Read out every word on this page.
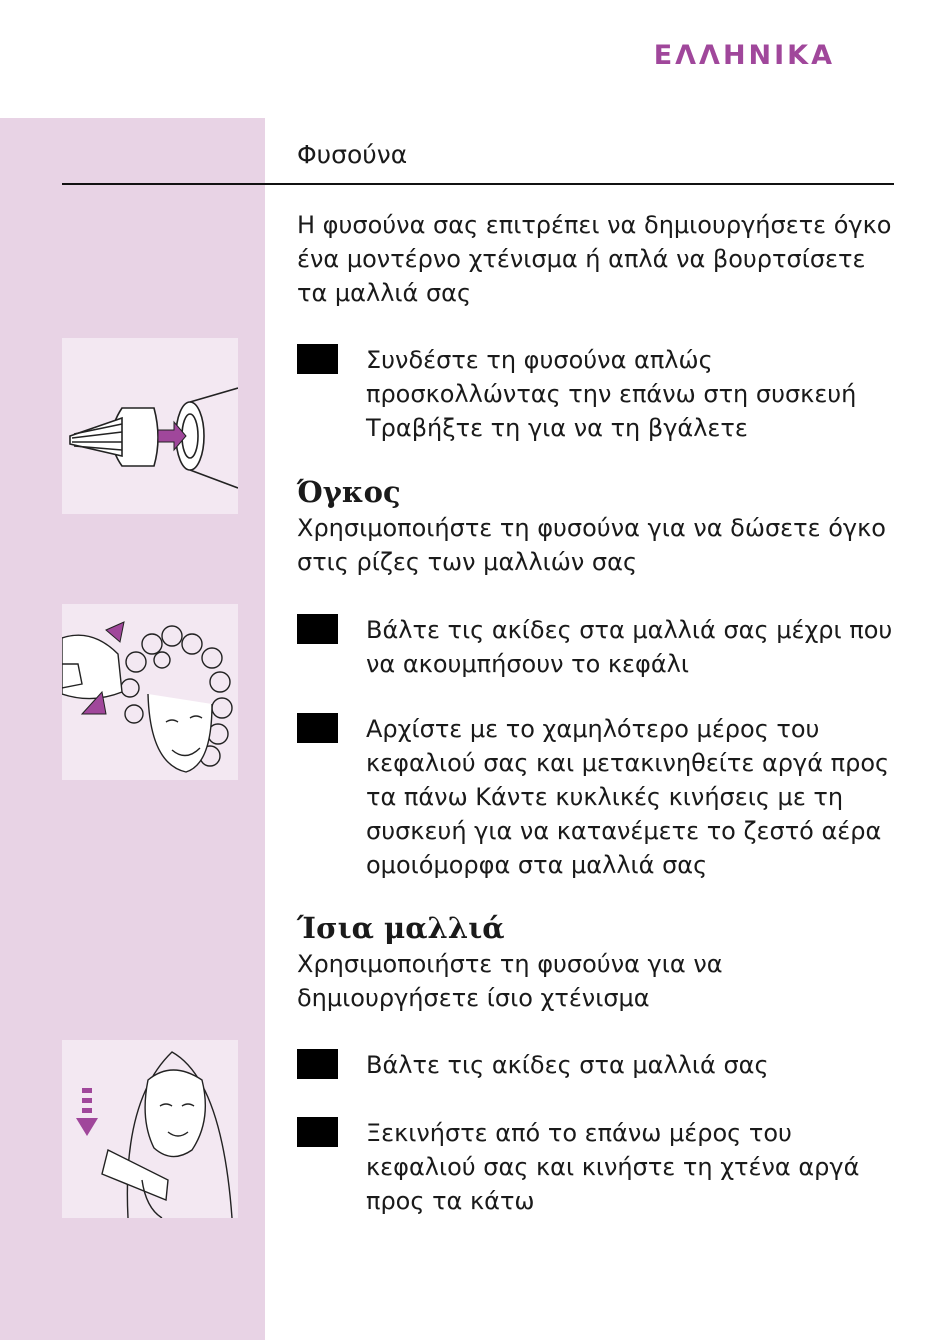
ΕΛΛΗΝΙΚΑ
Φυσούνα

Η φυσούνα σας επιτρέπει να δημιουργήσετε όγκο ένα μοντέρνο χτένισμα ή απλά να βουρτσίσετε τα μαλλιά σας

Συνδέστε τη φυσούνα απλώς προσκολλώντας την επάνω στη συσκευή Τραβήξτε τη για να τη βγάλετε

Όγκος

Χρησιμοποιήστε τη φυσούνα για να δώσετε όγκο στις ρίζες των μαλλιών σας

Βάλτε τις ακίδες στα μαλλιά σας μέχρι που να ακουμπήσουν το κεφάλι

Αρχίστε με το χαμηλότερο μέρος του κεφαλιού σας και μετακινηθείτε αργά προς τα πάνω Κάντε κυκλικές κινήσεις με τη συσκευή για να κατανέμετε το ζεστό αέρα ομοιόμορφα στα μαλλιά σας

Ίσια μαλλιά

Χρησιμοποιήστε τη φυσούνα για να δημιουργήσετε ίσιο χτένισμα

Βάλτε τις ακίδες στα μαλλιά σας

Ξεκινήστε από το επάνω μέρος του κεφαλιού σας και κινήστε τη χτένα αργά προς τα κάτω
